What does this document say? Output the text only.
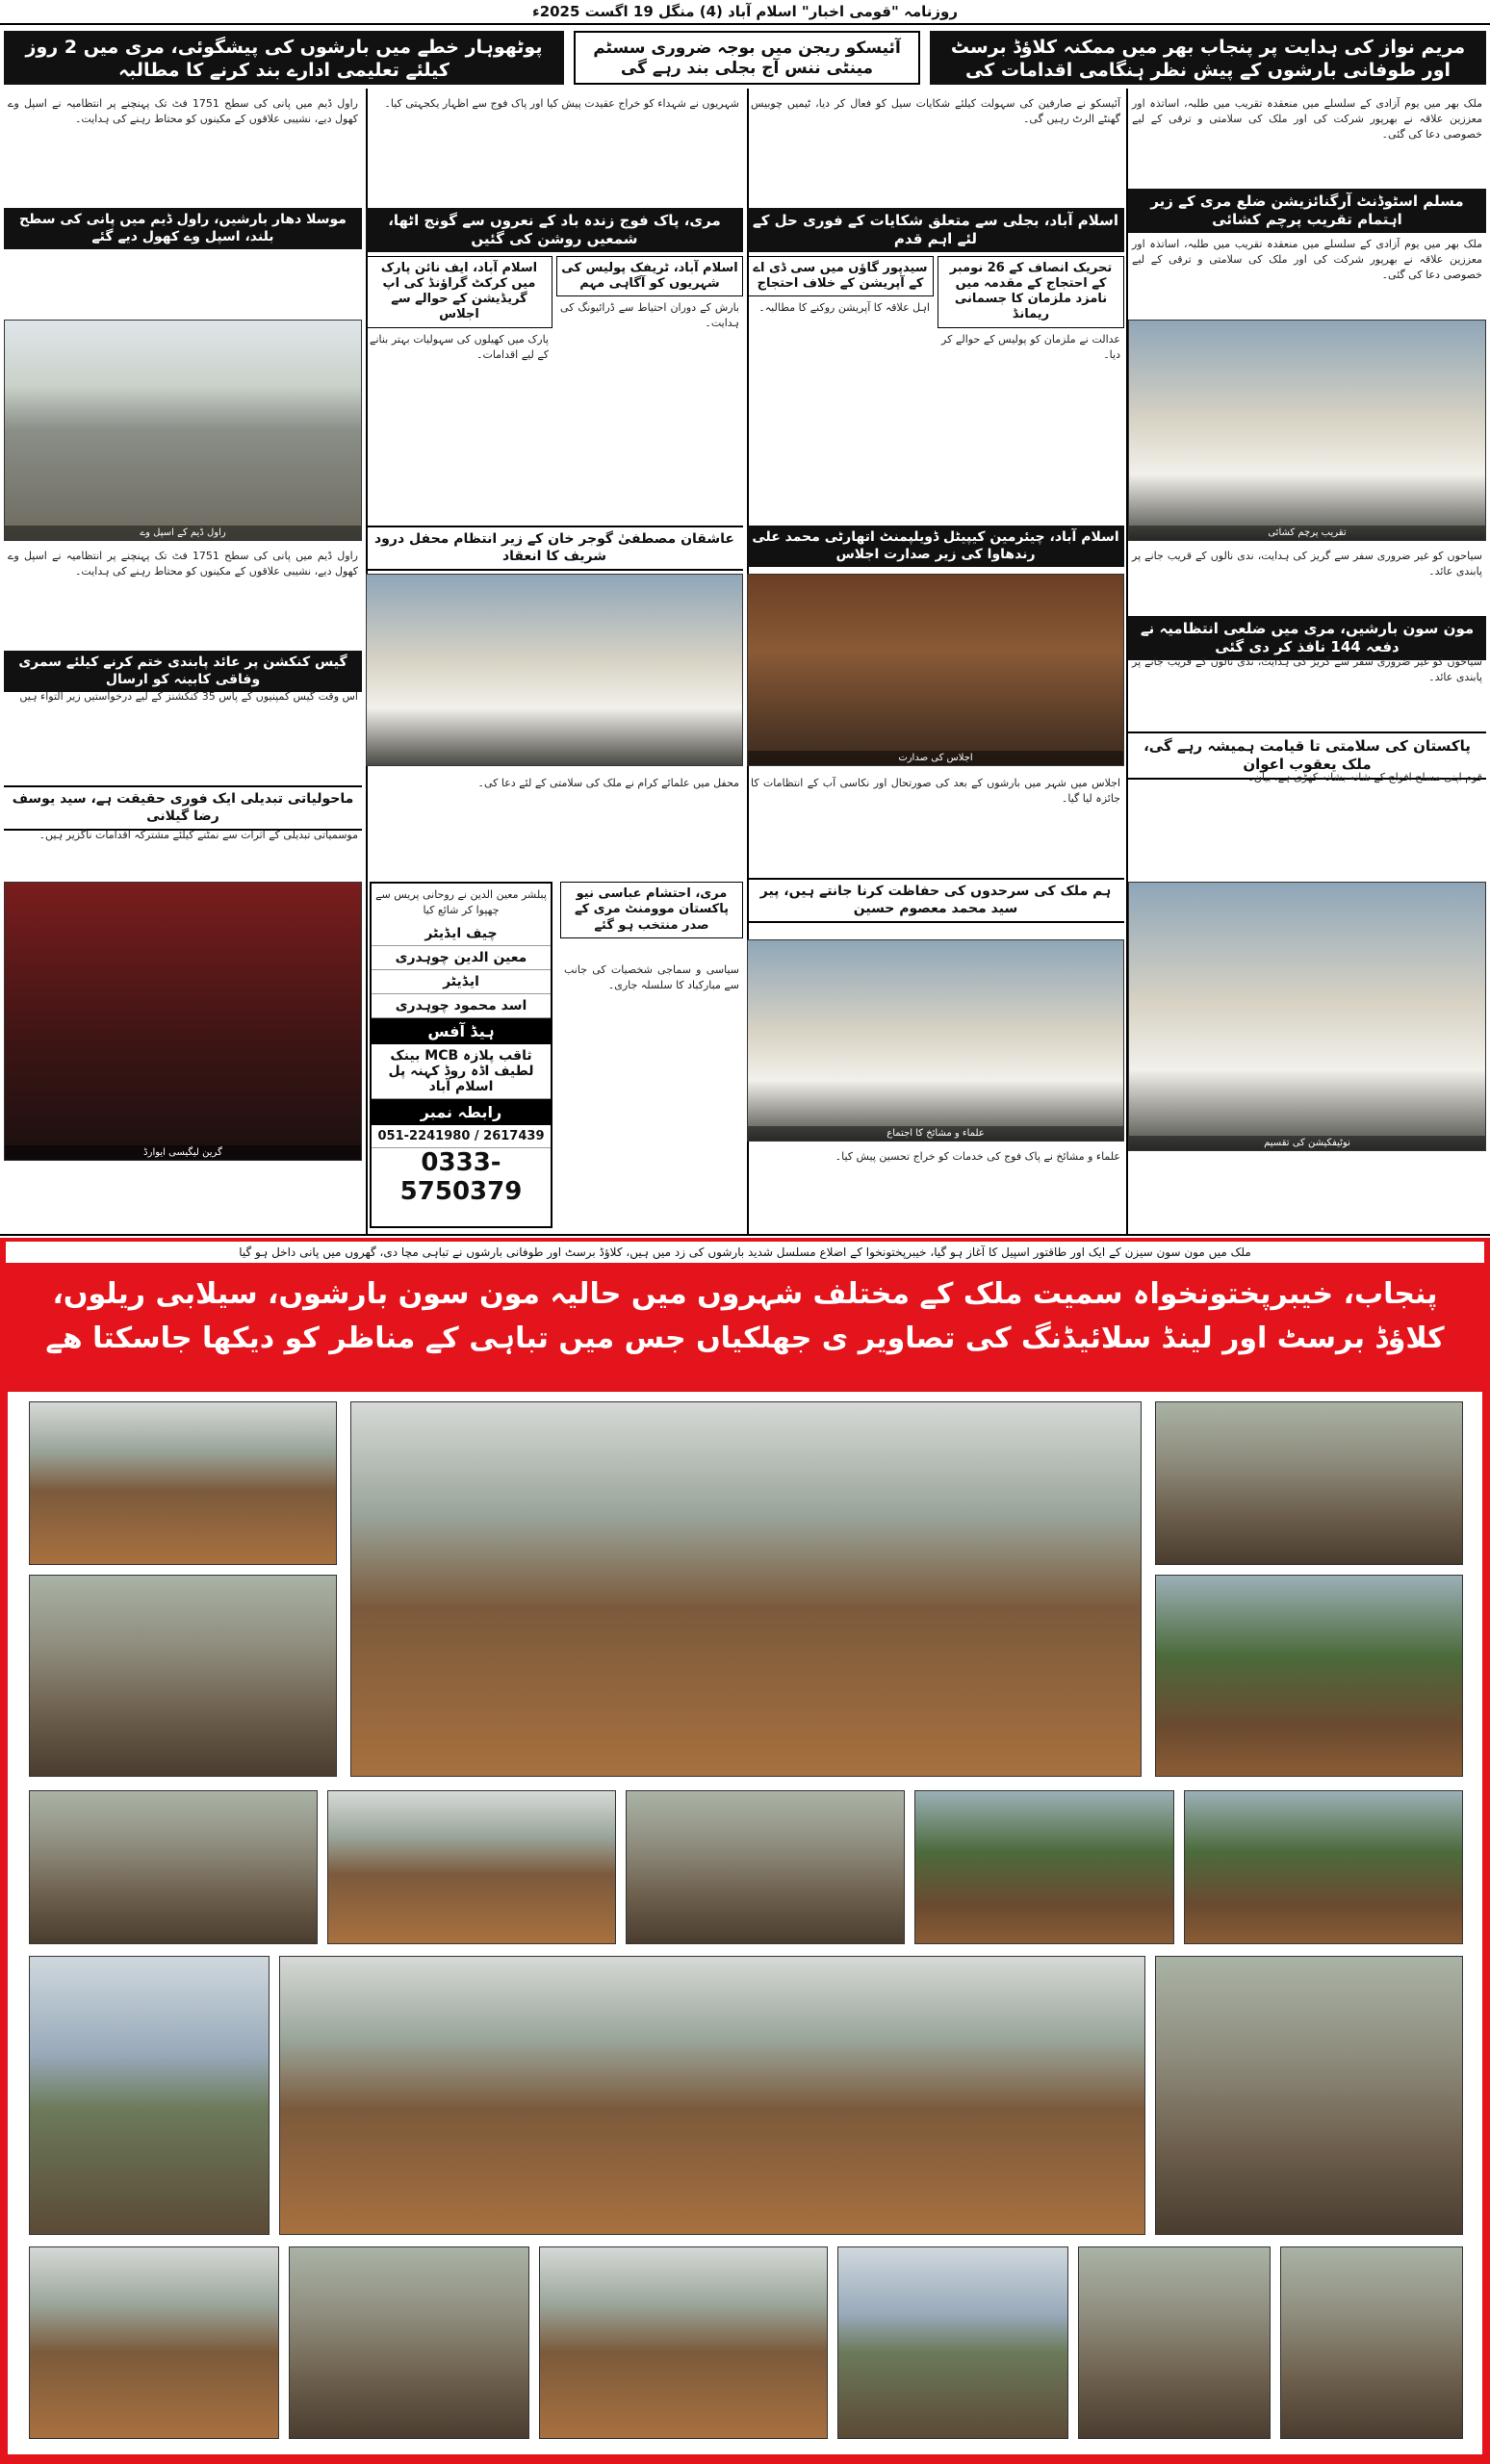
روزنامہ "قومی اخبار" اسلام آباد (4) منگل 19 اگست 2025ء
مریم نواز کی ہدایت پر پنجاب بھر میں ممکنہ کلاؤڈ برسٹ اور طوفانی بارشوں کے پیش نظر ہنگامی اقدامات کی ہدایت
آئیسکو ریجن میں بوجہ ضروری سسٹم مینٹی ننس آج بجلی بند رہے گی
پوٹھوہار خطے میں بارشوں کی پیشگوئی، مری میں 2 روز کیلئے تعلیمی ادارے بند کرنے کا مطالبہ
ملک بھر میں یوم آزادی کے سلسلے میں منعقدہ تقریب میں طلبہ، اساتذہ اور معززین علاقہ نے بھرپور شرکت کی اور ملک کی سلامتی و ترقی کے لیے خصوصی دعا کی گئی۔
مسلم اسٹوڈنٹ آرگنائزیشن ضلع مری کے زیر اہتمام تقریب پرچم کشائی
ملک بھر میں یوم آزادی کے سلسلے میں منعقدہ تقریب میں طلبہ، اساتذہ اور معززین علاقہ نے بھرپور شرکت کی اور ملک کی سلامتی و ترقی کے لیے خصوصی دعا کی گئی۔
تقریب پرچم کشائی
سیاحوں کو غیر ضروری سفر سے گریز کی ہدایت، ندی نالوں کے قریب جانے پر پابندی عائد۔
مون سون بارشیں، مری میں ضلعی انتظامیہ نے دفعہ 144 نافذ کر دی گئی
سیاحوں کو غیر ضروری سفر سے گریز کی ہدایت، ندی نالوں کے قریب جانے پر پابندی عائد۔
پاکستان کی سلامتی تا قیامت ہمیشہ رہے گی، ملک یعقوب اعوان
قوم اپنی مسلح افواج کے شانہ بشانہ کھڑی ہے، بیان۔
نوٹیفکیشن کی تقسیم
آئیسکو نے صارفین کی سہولت کیلئے شکایات سیل کو فعال کر دیا، ٹیمیں چوبیس گھنٹے الرٹ رہیں گی۔
اسلام آباد، بجلی سے متعلق شکایات کے فوری حل کے لئے اہم قدم
تحریک انصاف کے 26 نومبر کے احتجاج کے مقدمہ میں نامزد ملزمان کا جسمانی ریمانڈ
عدالت نے ملزمان کو پولیس کے حوالے کر دیا۔
سیدپور گاؤں میں سی ڈی اے کے آپریشن کے خلاف احتجاج
اہل علاقہ کا آپریشن روکنے کا مطالبہ۔
اسلام آباد، چیئرمین کیپیٹل ڈویلپمنٹ اتھارٹی محمد علی رندھاوا کی زیر صدارت اجلاس
اجلاس کی صدارت
اجلاس میں شہر میں بارشوں کے بعد کی صورتحال اور نکاسی آب کے انتظامات کا جائزہ لیا گیا۔
ہم ملک کی سرحدوں کی حفاظت کرنا جانتے ہیں، پیر سید محمد معصوم حسین
علماء و مشائخ کا اجتماع
علماء و مشائخ نے پاک فوج کی خدمات کو خراج تحسین پیش کیا۔
شہریوں نے شہداء کو خراج عقیدت پیش کیا اور پاک فوج سے اظہار یکجہتی کیا۔
مری، پاک فوج زندہ باد کے نعروں سے گونج اٹھا، شمعیں روشن کی گئیں
اسلام آباد، ٹریفک پولیس کی شہریوں کو آگاہی مہم
بارش کے دوران احتیاط سے ڈرائیونگ کی ہدایت۔
اسلام آباد، ایف نائن پارک میں کرکٹ گراؤنڈ کی اپ گریڈیشن کے حوالے سے اجلاس
پارک میں کھیلوں کی سہولیات بہتر بنانے کے لیے اقدامات۔
عاشقان مصطفیٰ گوجر خان کے زیر انتظام محفل درود شریف کا انعقاد
محفل میں علمائے کرام نے ملک کی سلامتی کے لئے دعا کی۔
پبلشر معین الدین نے روحانی پریس سے چھپوا کر شائع کیا
چیف ایڈیٹر
معین الدین چوہدری
ایڈیٹر
اسد محمود چوہدری
ہیڈ آفس
ثاقب پلازہ MCB بینک لطیف اڈہ روڈ کہنہ پل اسلام آباد
رابطہ نمبر
051-2241980 / 2617439
0333-5750379
مری، احتشام عباسی نیو پاکستان موومنٹ مری کے صدر منتخب ہو گئے
سیاسی و سماجی شخصیات کی جانب سے مبارکباد کا سلسلہ جاری۔
راول ڈیم میں پانی کی سطح 1751 فٹ تک پہنچنے پر انتظامیہ نے اسپل وے کھول دیے، نشیبی علاقوں کے مکینوں کو محتاط رہنے کی ہدایت۔
موسلا دھار بارشیں، راول ڈیم میں پانی کی سطح بلند، اسپل وے کھول دیے گئے
راول ڈیم کے اسپل وے
راول ڈیم میں پانی کی سطح 1751 فٹ تک پہنچنے پر انتظامیہ نے اسپل وے کھول دیے، نشیبی علاقوں کے مکینوں کو محتاط رہنے کی ہدایت۔
گیس کنکشن پر عائد پابندی ختم کرنے کیلئے سمری وفاقی کابینہ کو ارسال
اس وقت گیس کمپنیوں کے پاس 35 کنکشنز کے لیے درخواستیں زیر التواء ہیں
ماحولیاتی تبدیلی ایک فوری حقیقت ہے، سید یوسف رضا گیلانی
موسمیاتی تبدیلی کے اثرات سے نمٹنے کیلئے مشترکہ اقدامات ناگزیر ہیں۔
گرین لیگیسی ایوارڈ
ملک میں مون سون سیزن کے ایک اور طاقتور اسپیل کا آغاز ہو گیا، خیبرپختونخوا کے اضلاع مسلسل شدید بارشوں کی زد میں ہیں، کلاؤڈ برسٹ اور طوفانی بارشوں نے تباہی مچا دی، گھروں میں پانی داخل ہو گیا
پنجاب، خیبرپختونخواہ سمیت ملک کے مختلف شہروں میں حالیہ مون سون بارشوں، سیلابی ریلوں،
کلاؤڈ برسٹ اور لینڈ سلائیڈنگ کی تصاویر ی جھلکیاں جس میں تباہی کے مناظر کو دیکھا جاسکتا ھے
